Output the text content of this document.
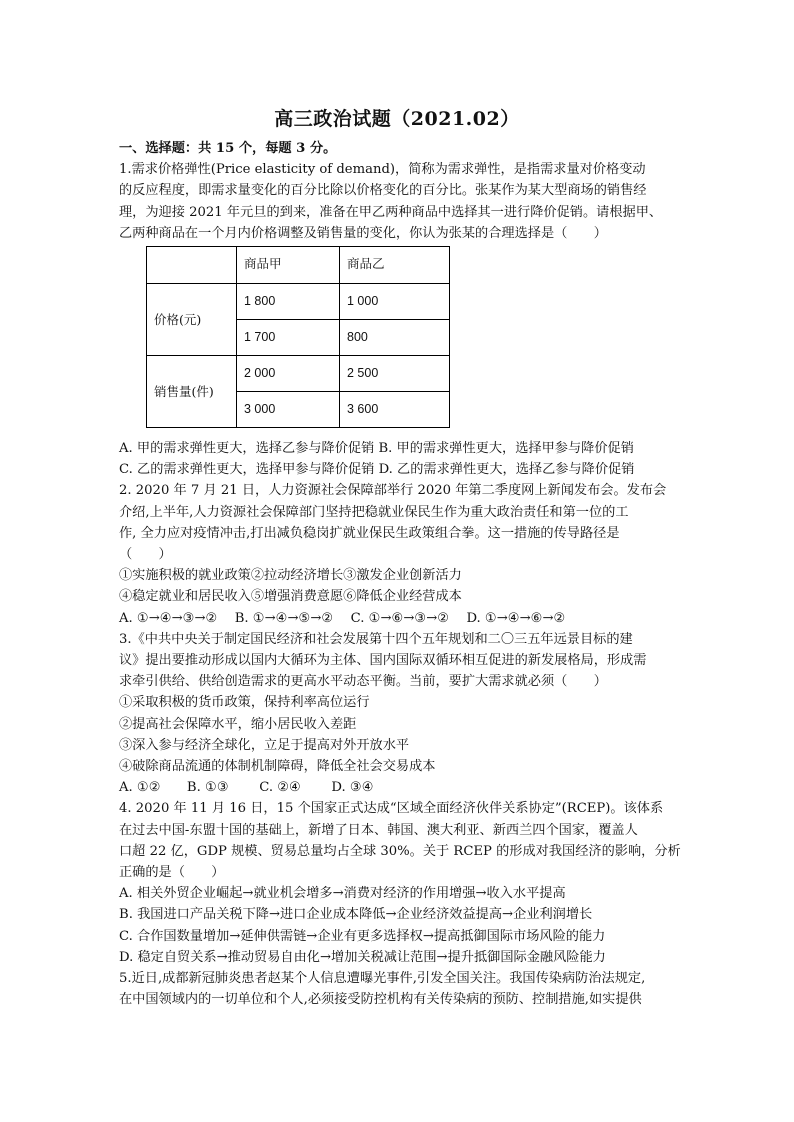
高三政治试题（2021.02）

一、选择题：共 15 个，每题 3 分。

1.需求价格弹性(Price elasticity of demand)，简称为需求弹性，是指需求量对价格变动

的反应程度，即需求量变化的百分比除以价格变化的百分比。张某作为某大型商场的销售经

理，为迎接 2021 年元旦的到来，准备在甲乙两种商品中选择其一进行降价促销。请根据甲、

乙两种商品在一个月内价格调整及销售量的变化，你认为张某的合理选择是（　　）

	商品甲	商品乙
价格(元)	1 800	1 000
	1 700	800
销售量(件)	2 000	2 500
	3 000	3 600

A. 甲的需求弹性更大，选择乙参与降价促销 B. 甲的需求弹性更大，选择甲参与降价促销

C. 乙的需求弹性更大，选择甲参与降价促销 D. 乙的需求弹性更大，选择乙参与降价促销

2. 2020 年 7 月 21 日，人力资源社会保障部举行 2020 年第二季度网上新闻发布会。发布会

介绍,上半年,人力资源社会保障部门坚持把稳就业保民生作为重大政治责任和第一位的工

作, 全力应对疫情冲击,打出减负稳岗扩就业保民生政策组合拳。这一措施的传导路径是

（　　）

①实施积极的就业政策②拉动经济增长③激发企业创新活力

④稳定就业和居民收入⑤增强消费意愿⑥降低企业经营成本

A. ①→④→③→②　 B. ①→④→⑤→②　 C. ①→⑥→③→②　 D. ①→④→⑥→②

3.《中共中央关于制定国民经济和社会发展第十四个五年规划和二〇三五年远景目标的建

议》提出要推动形成以国内大循环为主体、国内国际双循环相互促进的新发展格局，形成需

求牵引供给、供给创造需求的更高水平动态平衡。当前，要扩大需求就必须（　　）

①采取积极的货币政策，保持利率高位运行

②提高社会保障水平，缩小居民收入差距

③深入参与经济全球化，立足于提高对外开放水平

④破除商品流通的体制机制障碍，降低全社会交易成本

A. ①②　　B. ①③　　 C. ②④　　 D. ③④

4. 2020 年 11 月 16 日，15 个国家正式达成“区域全面经济伙伴关系协定”(RCEP)。该体系

在过去中国-东盟十国的基础上，新增了日本、韩国、澳大利亚、新西兰四个国家，覆盖人

口超 22 亿，GDP 规模、贸易总量均占全球 30%。关于 RCEP 的形成对我国经济的影响，分析

正确的是（　　）

A. 相关外贸企业崛起→就业机会增多→消费对经济的作用增强→收入水平提高

B. 我国进口产品关税下降→进口企业成本降低→企业经济效益提高→企业利润增长

C. 合作国数量增加→延伸供需链→企业有更多选择权→提高抵御国际市场风险的能力

D. 稳定自贸关系→推动贸易自由化→增加关税减让范围→提升抵御国际金融风险能力

5.近日,成都新冠肺炎患者赵某个人信息遭曝光事件,引发全国关注。我国传染病防治法规定,

在中国领域内的一切单位和个人,必须接受防控机构有关传染病的预防、控制措施,如实提供
